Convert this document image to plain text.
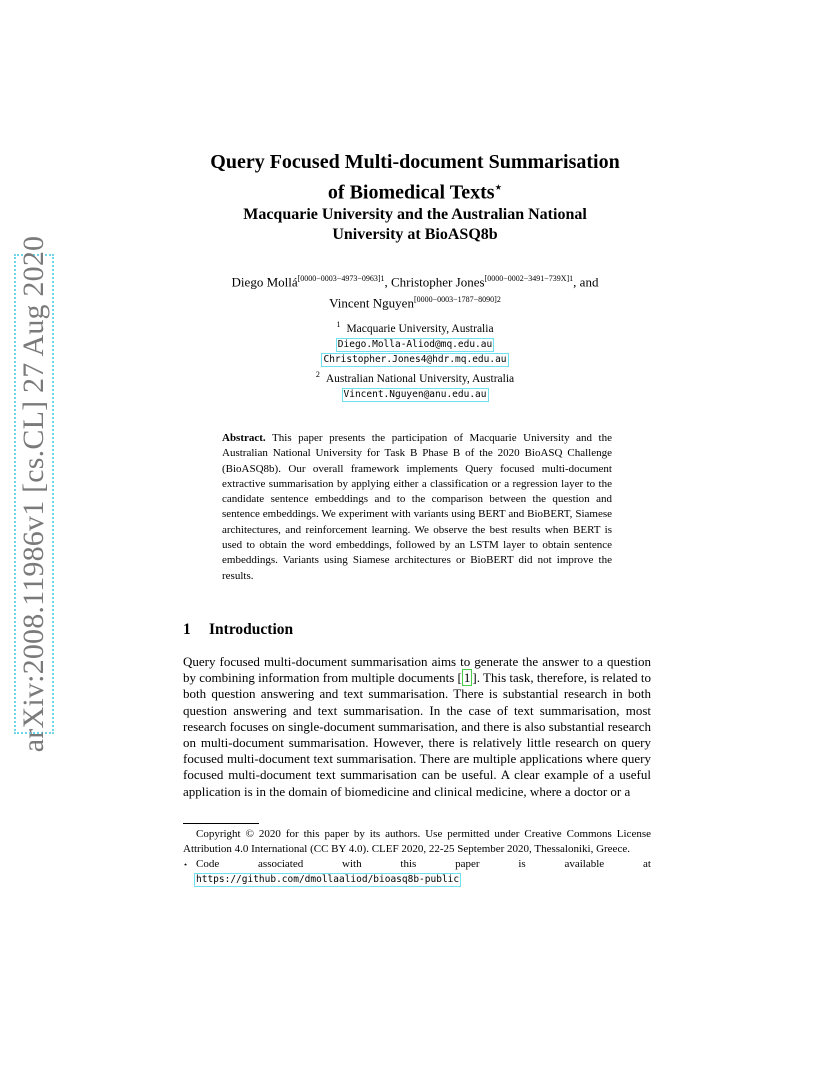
arXiv:2008.11986v1 [cs.CL] 27 Aug 2020
Query Focused Multi-document Summarisation
of Biomedical Texts⋆
Macquarie University and the Australian National
University at BioASQ8b
Diego Mollá$^{[0000-0003-4973-0963]1}$, Christopher Jones$^{[0000-0002-3491-739X]1}$, and
Vincent Nguyen$^{[0000-0003-1787-8090]2}$
$^1$ Macquarie University, Australia
Diego.Molla-Aliod@mq.edu.au
Christopher.Jones4@hdr.mq.edu.au
$^2$ Australian National University, Australia
Vincent.Nguyen@anu.edu.au
Abstract. This paper presents the participation of Macquarie University and the Australian National University for Task B Phase B of the 2020 BioASQ Challenge (BioASQ8b). Our overall framework implements Query focused multi-document extractive summarisation by applying either a classification or a regression layer to the candidate sentence embeddings and to the comparison between the question and sentence embeddings. We experiment with variants using BERT and BioBERT, Siamese architectures, and reinforcement learning. We observe the best results when BERT is used to obtain the word embeddings, followed by an LSTM layer to obtain sentence embeddings. Variants using Siamese architectures or BioBERT did not improve the results.
1 Introduction
Query focused multi-document summarisation aims to generate the answer to a question by combining information from multiple documents [ 1 ]. This task, therefore, is related to both question answering and text summarisation. There is substantial research in both question answering and text summarisation. In the case of text summarisation, most research focuses on single-document summarisation, and there is also substantial research on multi-document summarisation. However, there is relatively little research on query focused multi-document text summarisation. There are multiple applications where query focused multi-document text summarisation can be useful. A clear example of a useful application is in the domain of biomedicine and clinical medicine, where a doctor or a
Copyright © 2020 for this paper by its authors. Use permitted under Creative Commons License Attribution 4.0 International (CC BY 4.0). CLEF 2020, 22-25 September 2020, Thessaloniki, Greece.
⋆ Code	associated	with	this	paper	is	available	at
https://github.com/dmollaaliod/bioasq8b-public
